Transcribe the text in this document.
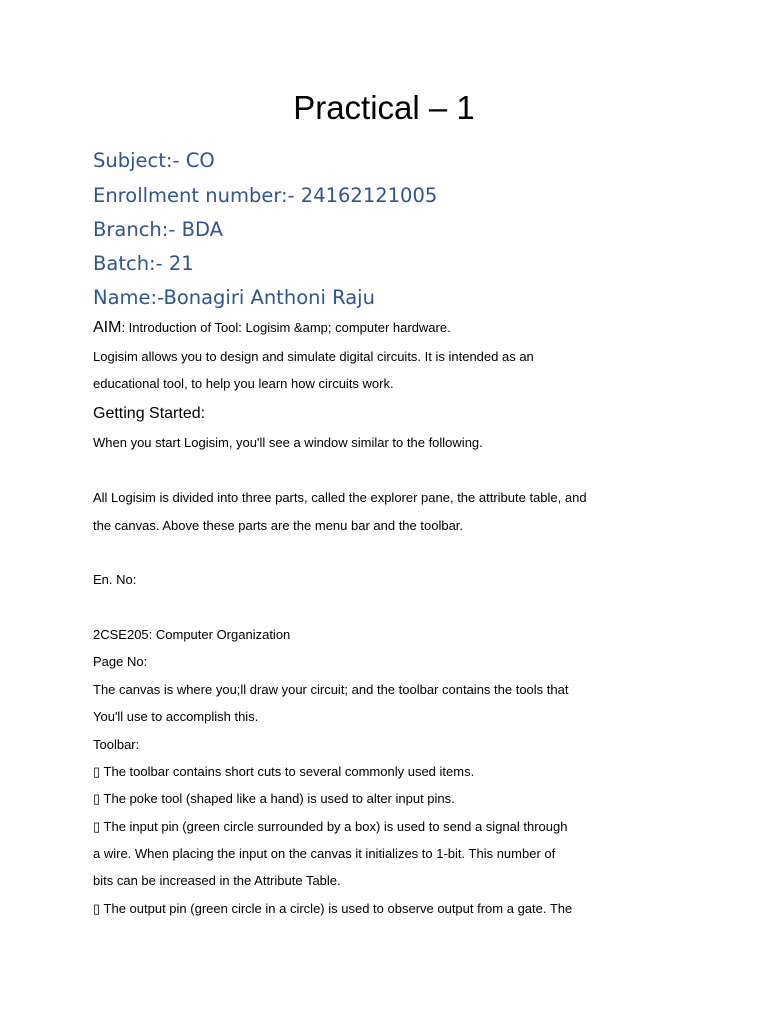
Practical – 1
Subject:- CO
Enrollment number:- 24162121005
Branch:- BDA
Batch:- 21
Name:-Bonagiri Anthoni Raju
AIM: Introduction of Tool: Logisim &amp; computer hardware.
Logisim allows you to design and simulate digital circuits. It is intended as an
educational tool, to help you learn how circuits work.
Getting Started:
When you start Logisim, you'll see a window similar to the following.
All Logisim is divided into three parts, called the explorer pane, the attribute table, and
the canvas. Above these parts are the menu bar and the toolbar.
En. No:
2CSE205: Computer Organization
Page No:
The canvas is where you;ll draw your circuit; and the toolbar contains the tools that
You'll use to accomplish this.
Toolbar:
▯ The toolbar contains short cuts to several commonly used items.
▯ The poke tool (shaped like a hand) is used to alter input pins.
▯ The input pin (green circle surrounded by a box) is used to send a signal through
a wire. When placing the input on the canvas it initializes to 1-bit. This number of
bits can be increased in the Attribute Table.
▯ The output pin (green circle in a circle) is used to observe output from a gate. The
